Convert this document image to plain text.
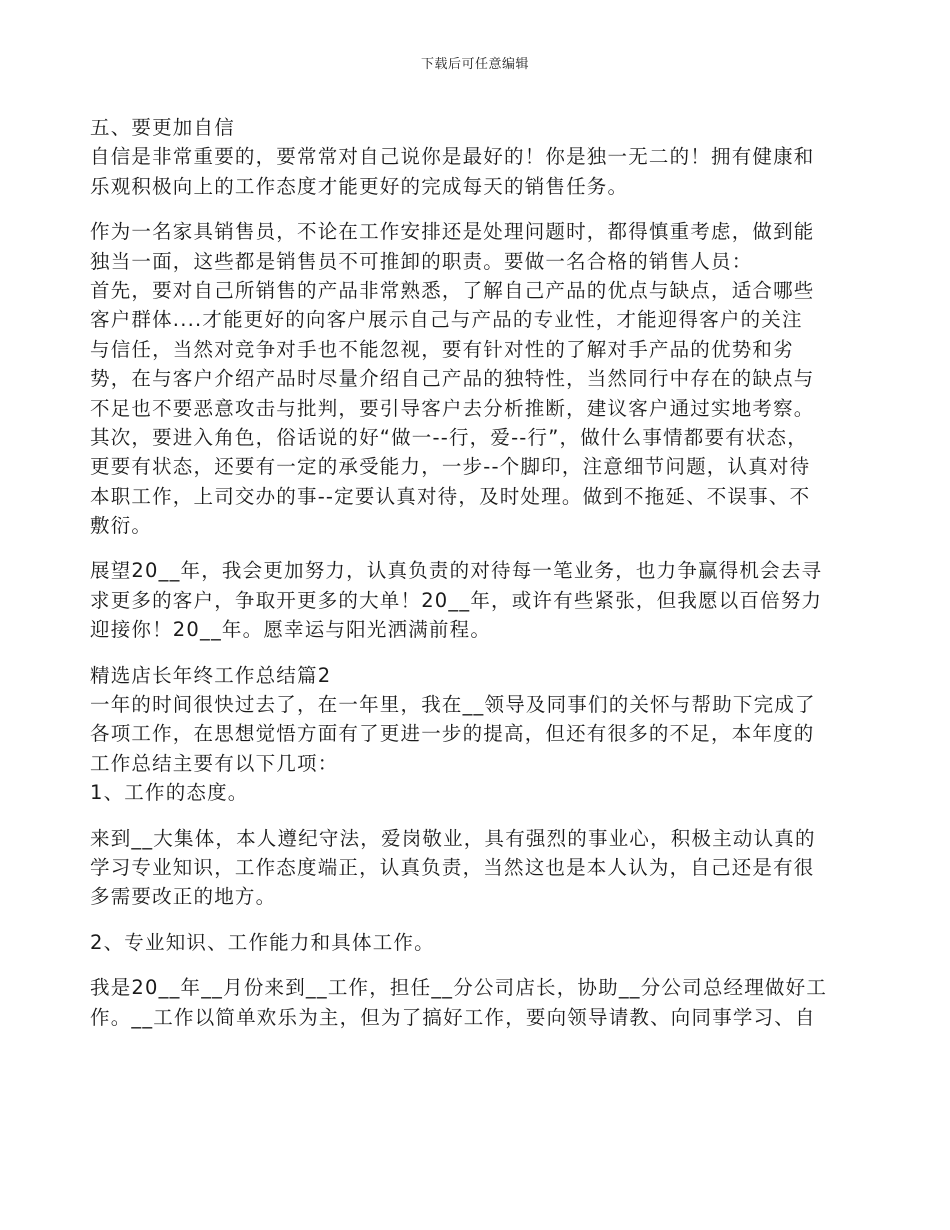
下载后可任意编辑
五、要更加自信
自信是非常重要的，要常常对自己说你是最好的！你是独一无二的！拥有健康和
乐观积极向上的工作态度才能更好的完成每天的销售任务。
作为一名家具销售员，不论在工作安排还是处理问题时，都得慎重考虑，做到能
独当一面，这些都是销售员不可推卸的职责。要做一名合格的销售人员：
首先，要对自己所销售的产品非常熟悉，了解自己产品的优点与缺点，适合哪些
客户群体....才能更好的向客户展示自己与产品的专业性，才能迎得客户的关注
与信任，当然对竞争对手也不能忽视，要有针对性的了解对手产品的优势和劣
势，在与客户介绍产品时尽量介绍自己产品的独特性，当然同行中存在的缺点与
不足也不要恶意攻击与批判，要引导客户去分析推断，建议客户通过实地考察。
其次，要进入角色，俗话说的好“做一--行，爱--行”，做什么事情都要有状态，
更要有状态，还要有一定的承受能力，一步--个脚印，注意细节问题，认真对待
本职工作，上司交办的事--定要认真对待，及时处理。做到不拖延、不误事、不
敷衍。
展望20__年，我会更加努力，认真负责的对待每一笔业务，也力争赢得机会去寻
求更多的客户，争取开更多的大单！20__年，或许有些紧张，但我愿以百倍努力
迎接你！20__年。愿幸运与阳光洒满前程。
精选店长年终工作总结篇2
一年的时间很快过去了，在一年里，我在__领导及同事们的关怀与帮助下完成了
各项工作，在思想觉悟方面有了更进一步的提高，但还有很多的不足，本年度的
工作总结主要有以下几项：
1、工作的态度。
来到__大集体，本人遵纪守法，爱岗敬业，具有强烈的事业心，积极主动认真的
学习专业知识，工作态度端正，认真负责，当然这也是本人认为，自己还是有很
多需要改正的地方。
2、专业知识、工作能力和具体工作。
我是20__年__月份来到__工作，担任__分公司店长，协助__分公司总经理做好工
作。__工作以简单欢乐为主，但为了搞好工作，要向领导请教、向同事学习、自
